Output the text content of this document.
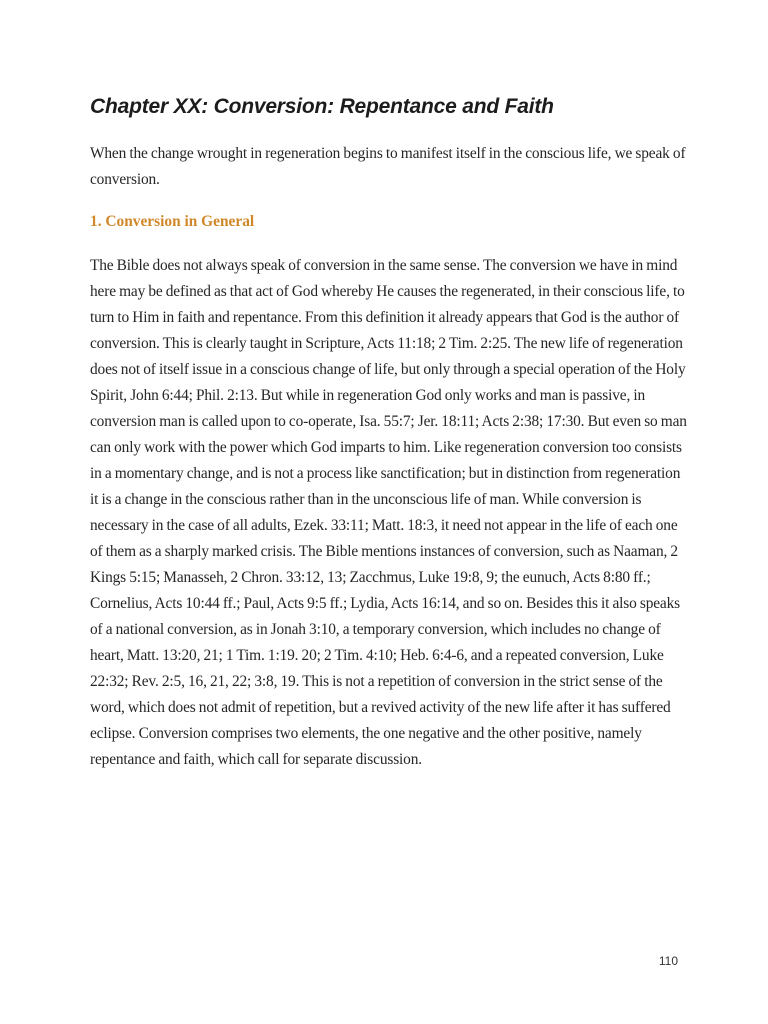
Chapter XX: Conversion: Repentance and Faith

When the change wrought in regeneration begins to manifest itself in the conscious life, we speak of conversion.

1. Conversion in General

The Bible does not always speak of conversion in the same sense. The conversion we have in mind here may be defined as that act of God whereby He causes the regenerated, in their conscious life, to turn to Him in faith and repentance. From this definition it already appears that God is the author of conversion. This is clearly taught in Scripture, Acts 11:18; 2 Tim. 2:25. The new life of regeneration does not of itself issue in a conscious change of life, but only through a special operation of the Holy Spirit, John 6:44; Phil. 2:13. But while in regeneration God only works and man is passive, in conversion man is called upon to co-operate, Isa. 55:7; Jer. 18:11; Acts 2:38; 17:30. But even so man can only work with the power which God imparts to him. Like regeneration conversion too consists in a momentary change, and is not a process like sanctification; but in distinction from regeneration it is a change in the conscious rather than in the unconscious life of man. While conversion is necessary in the case of all adults, Ezek. 33:11; Matt. 18:3, it need not appear in the life of each one of them as a sharply marked crisis. The Bible mentions instances of conversion, such as Naaman, 2 Kings 5:15; Manasseh, 2 Chron. 33:12, 13; Zacchmus, Luke 19:8, 9; the eunuch, Acts 8:80 ff.; Cornelius, Acts 10:44 ff.; Paul, Acts 9:5 ff.; Lydia, Acts 16:14, and so on. Besides this it also speaks of a national conversion, as in Jonah 3:10, a temporary conversion, which includes no change of heart, Matt. 13:20, 21; 1 Tim. 1:19. 20; 2 Tim. 4:10; Heb. 6:4-6, and a repeated conversion, Luke 22:32; Rev. 2:5, 16, 21, 22; 3:8, 19. This is not a repetition of conversion in the strict sense of the word, which does not admit of repetition, but a revived activity of the new life after it has suffered eclipse. Conversion comprises two elements, the one negative and the other positive, namely repentance and faith, which call for separate discussion.

110
